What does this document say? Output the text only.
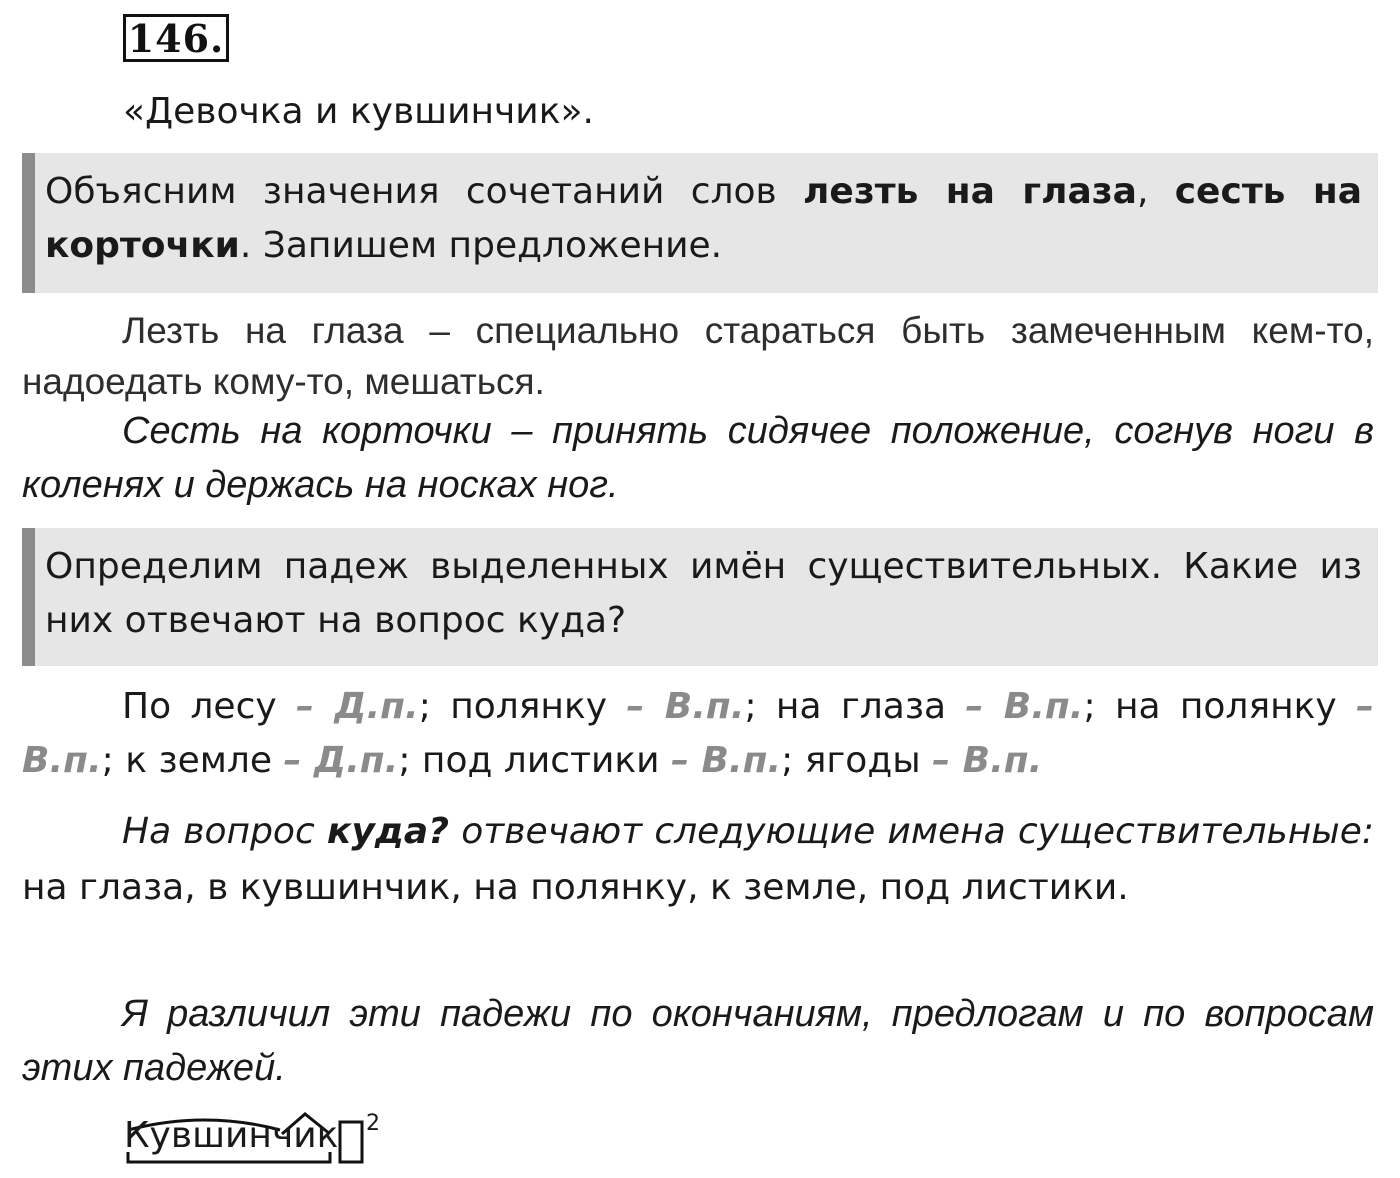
146.
«Девочка и кувшинчик».
Объясним значения сочетаний слов лезть на глаза, сесть на корточки. Запишем предложение.
Лезть на глаза – специально стараться быть замеченным кем-то, надоедать кому-то, мешаться.
Сесть на корточки – принять сидячее положение, согнув ноги в коленях и держась на носках ног.
Определим падеж выделенных имён существительных. Какие из них отвечают на вопрос куда?
По лесу – Д.п.; полянку – В.п.; на глаза – В.п.; на полянку – В.п.; к земле – Д.п.; под листики – В.п.; ягоды – В.п.
На вопрос куда? отвечают следующие имена существительные: на глаза, в кувшинчик, на полянку, к земле, под листики.
Я различил эти падежи по окончаниям, предлогам и по вопросам этих падежей.
Кувшинчик 2
